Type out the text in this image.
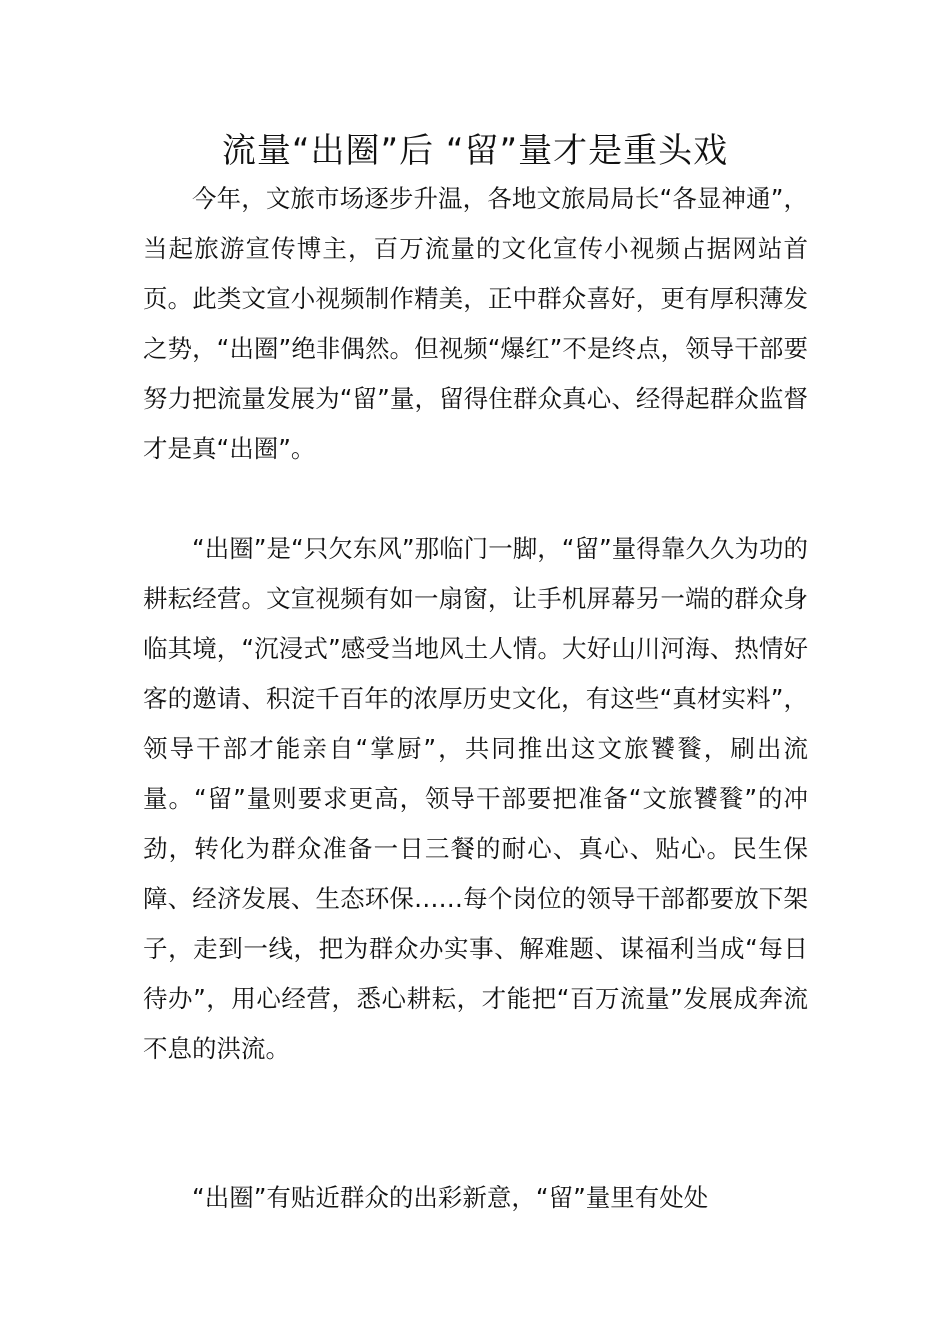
流量“出圈”后 “留”量才是重头戏

今年，文旅市场逐步升温，各地文旅局局长“各显神通”，当起旅游宣传博主，百万流量的文化宣传小视频占据网站首页。此类文宣小视频制作精美，正中群众喜好，更有厚积薄发之势，“出圈”绝非偶然。但视频“爆红”不是终点，领导干部要努力把流量发展为“留”量，留得住群众真心、经得起群众监督才是真“出圈”。

“出圈”是“只欠东风”那临门一脚，“留”量得靠久久为功的耕耘经营。文宣视频有如一扇窗，让手机屏幕另一端的群众身临其境，“沉浸式”感受当地风土人情。大好山川河海、热情好客的邀请、积淀千百年的浓厚历史文化，有这些“真材实料”，领导干部才能亲自“掌厨”，共同推出这文旅饕餮，刷出流量。“留”量则要求更高，领导干部要把准备“文旅饕餮”的冲劲，转化为群众准备一日三餐的耐心、真心、贴心。民生保障、经济发展、生态环保……每个岗位的领导干部都要放下架子，走到一线，把为群众办实事、解难题、谋福利当成“每日待办”，用心经营，悉心耕耘，才能把“百万流量”发展成奔流不息的洪流。

“出圈”有贴近群众的出彩新意，“留”量里有处处
